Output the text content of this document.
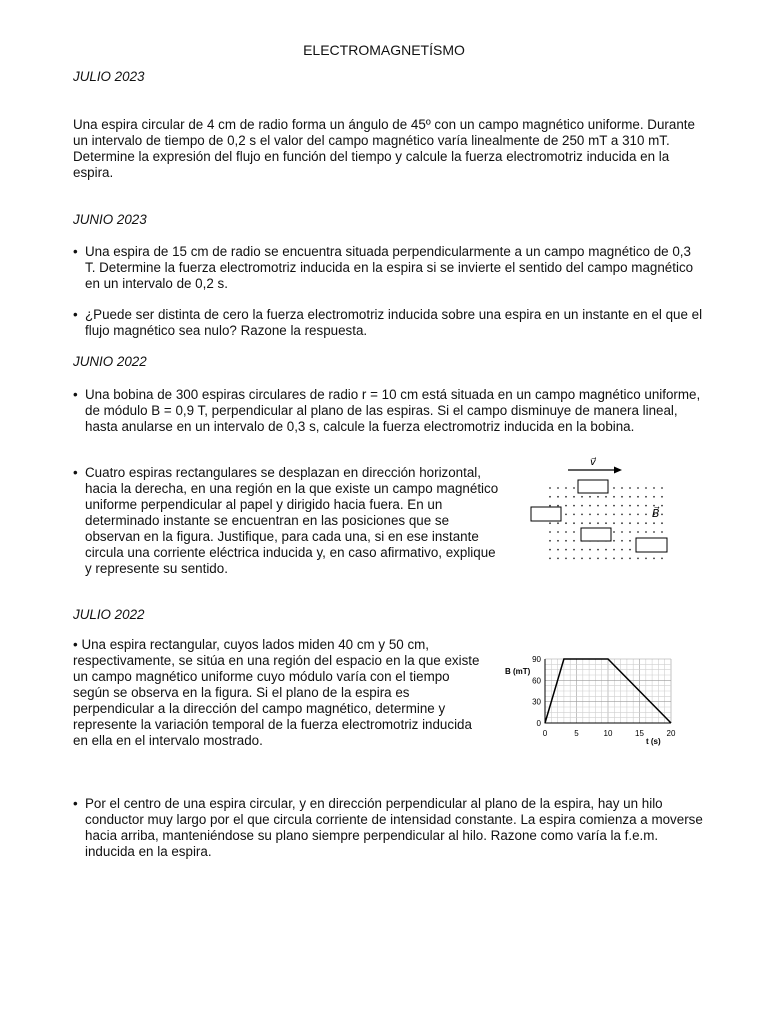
ELECTROMAGNETÍSMO
JULIO 2023
Una espira circular de 4 cm de radio forma un ángulo de 45º con un campo magnético uniforme. Durante un intervalo de tiempo de 0,2 s el valor del campo magnético varía linealmente de 250 mT a 310 mT. Determine la expresión del flujo en función del tiempo y calcule la fuerza electromotriz inducida en la espira.
JUNIO 2023
• Una espira de 15 cm de radio se encuentra situada perpendicularmente a un campo magnético de 0,3 T. Determine la fuerza electromotriz inducida en la espira si se invierte el sentido del campo magnético en un intervalo de 0,2 s.
• ¿Puede ser distinta de cero la fuerza electromotriz inducida sobre una espira en un instante en el que el flujo magnético sea nulo? Razone la respuesta.
JUNIO 2022
• Una bobina de 300 espiras circulares de radio r = 10 cm está situada en un campo magnético uniforme, de módulo B = 0,9 T, perpendicular al plano de las espiras. Si el campo disminuye de manera lineal, hasta anularse en un intervalo de 0,3 s, calcule la fuerza electromotriz inducida en la bobina.
• Cuatro espiras rectangulares se desplazan en dirección horizontal, hacia la derecha, en una región en la que existe un campo magnético uniforme perpendicular al papel y dirigido hacia fuera. En un determinado instante se encuentran en las posiciones que se observan en la figura. Justifique, para cada una, si en ese instante circula una corriente eléctrica inducida y, en caso afirmativo, explique y represente su sentido.
v⃗
B⃗
JULIO 2022
• Una espira rectangular, cuyos lados miden 40 cm y 50 cm, respectivamente, se sitúa en una región del espacio en la que existe un campo magnético uniforme cuyo módulo varía con el tiempo según se observa en la figura. Si el plano de la espira es perpendicular a la dirección del campo magnético, determine y represente la variación temporal de la fuerza electromotriz inducida en ella en el intervalo mostrado.	0	5	10	15	20
0
30
60
90
B (mT)
t (s)
• Por el centro de una espira circular, y en dirección perpendicular al plano de la espira, hay un hilo conductor muy largo por el que circula corriente de intensidad constante. La espira comienza a moverse hacia arriba, manteniéndose su plano siempre perpendicular al hilo. Razone como varía la f.e.m. inducida en la espira.
